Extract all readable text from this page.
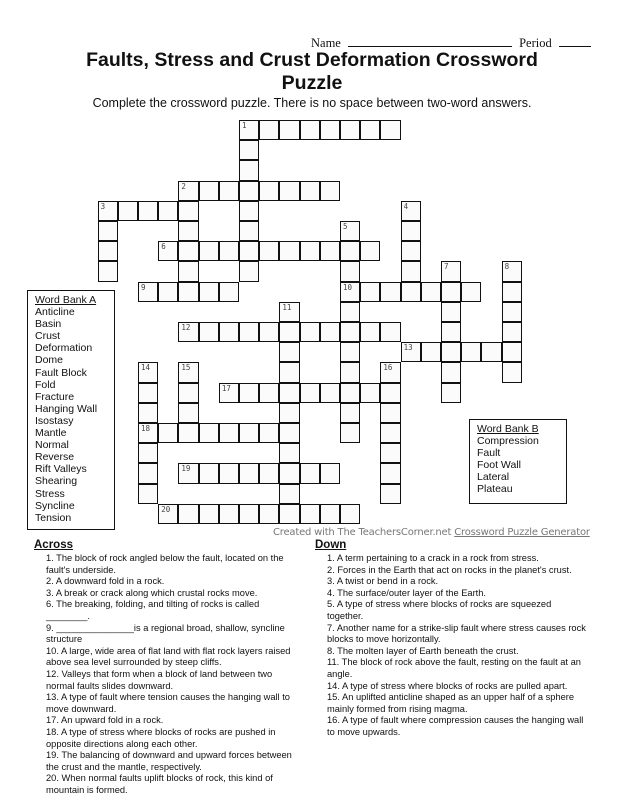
Name	Period
Faults, Stress and Crust Deformation Crossword Puzzle
Complete the crossword puzzle. There is no space between two-word answers.
1
2
3	4
5
10
6
7	8
9
11
12
13
14
18
15	16
17
19
20
Word Bank A
Anticline
Basin
Crust
Deformation
Dome
Fault Block
Fold
Fracture
Hanging Wall
Isostasy
Mantle
Normal
Reverse
Rift Valleys
Shearing
Stress
Syncline
Tension
Word Bank B
Compression
Fault
Foot Wall
Lateral
Plateau
Created with The TeachersCorner.net Crossword Puzzle Generator
Across
1. The block of rock angled below the fault, located on the fault's underside.
2. A downward fold in a rock.
3. A break or crack along which crustal rocks move.
6. The breaking, folding, and tilting of rocks is called ________.
9. _______________is a regional broad, shallow, syncline structure
10. A large, wide area of flat land with flat rock layers raised above sea level surrounded by steep cliffs.
12. Valleys that form when a block of land between two normal faults slides downward.
13. A type of fault where tension causes the hanging wall to move downward.
17. An upward fold in a rock.
18. A type of stress where blocks of rocks are pushed in opposite directions along each other.
19. The balancing of downward and upward forces between the crust and the mantle, respectively.
20. When normal faults uplift blocks of rock, this kind of mountain is formed.
Down
1. A term pertaining to a crack in a rock from stress.
2. Forces in the Earth that act on rocks in the planet's crust.
3. A twist or bend in a rock.
4. The surface/outer layer of the Earth.
5. A type of stress where blocks of rocks are squeezed together.
7. Another name for a strike-slip fault where stress causes rock blocks to move horizontally.
8. The molten layer of Earth beneath the crust.
11. The block of rock above the fault, resting on the fault at an angle.
14. A type of stress where blocks of rocks are pulled apart.
15. An uplifted anticline shaped as an upper half of a sphere mainly formed from rising magma.
16. A type of fault where compression causes the hanging wall to move upwards.
